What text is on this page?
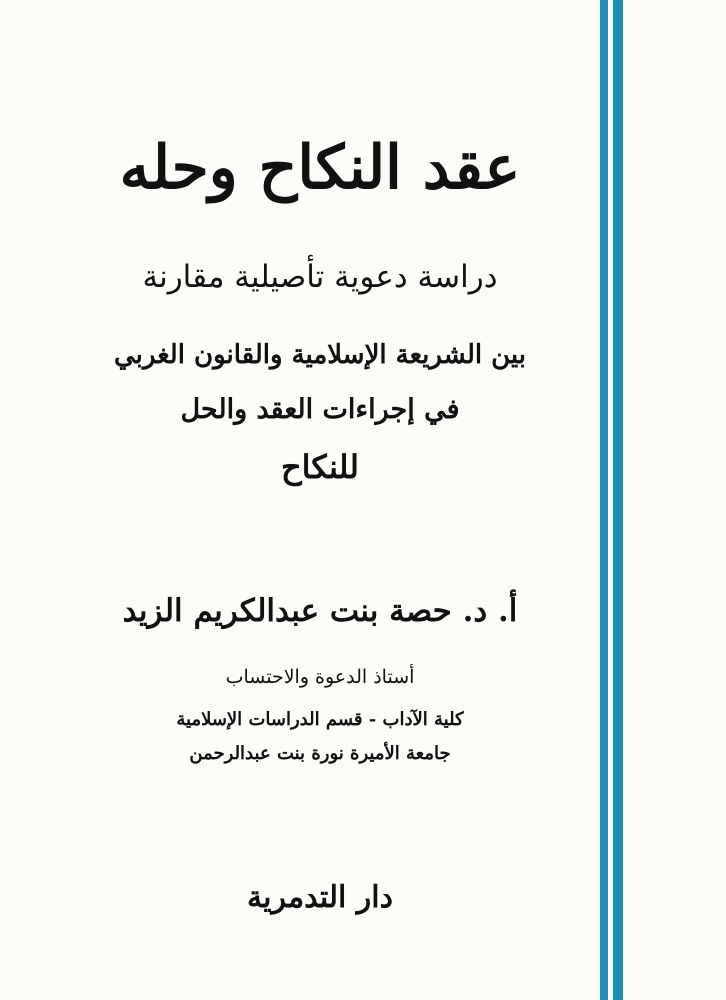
عقد النكاح وحله
دراسة دعوية تأصيلية مقارنة
بين الشريعة الإسلامية والقانون الغربي
في إجراءات العقد والحل
للنكاح
أ. د. حصة بنت عبدالكريم الزيد
أستاذ الدعوة والاحتساب
كلية الآداب - قسم الدراسات الإسلامية
جامعة الأميرة نورة بنت عبدالرحمن
دار التدمرية
